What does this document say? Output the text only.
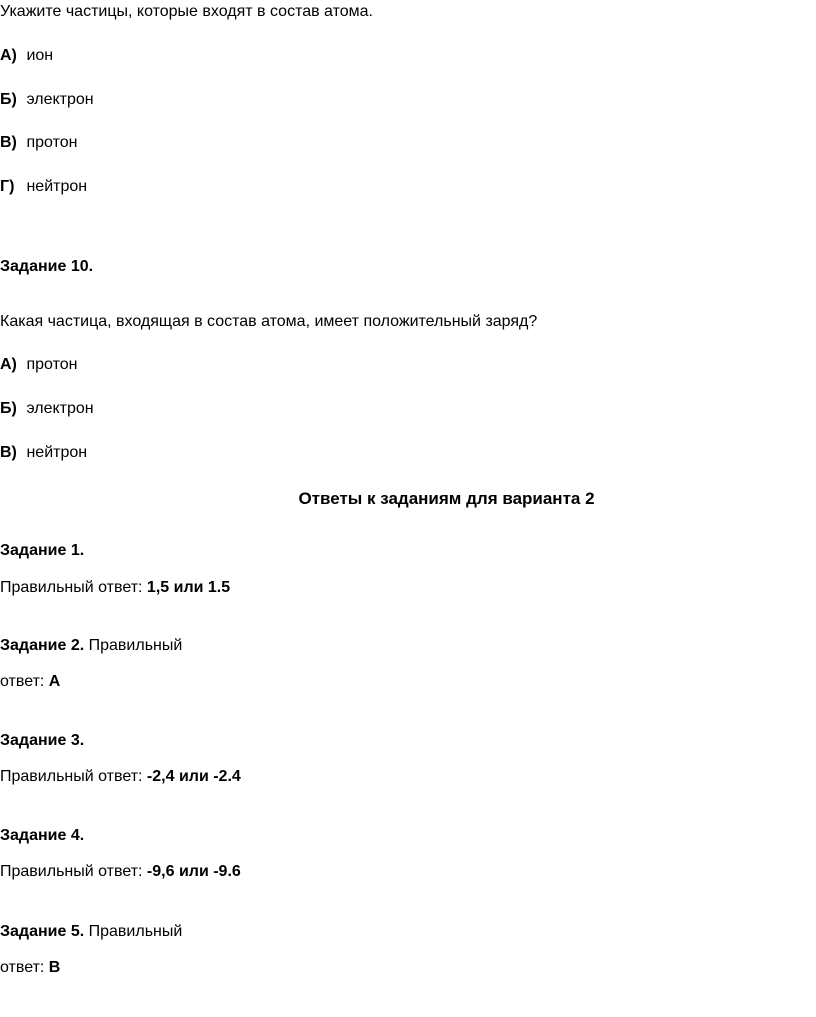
Укажите частицы, которые входят в состав атома.
А) ион
Б) электрон
В) протон
Г) нейтрон
Задание 10.
Какая частица, входящая в состав атома, имеет положительный заряд?
А) протон
Б) электрон
В) нейтрон
Ответы к заданиям для варианта 2
Задание 1.
Правильный ответ: 1,5 или 1.5
Задание 2. Правильный
ответ: А
Задание 3.
Правильный ответ: -2,4 или -2.4
Задание 4.
Правильный ответ: -9,6 или -9.6
Задание 5. Правильный
ответ: В
